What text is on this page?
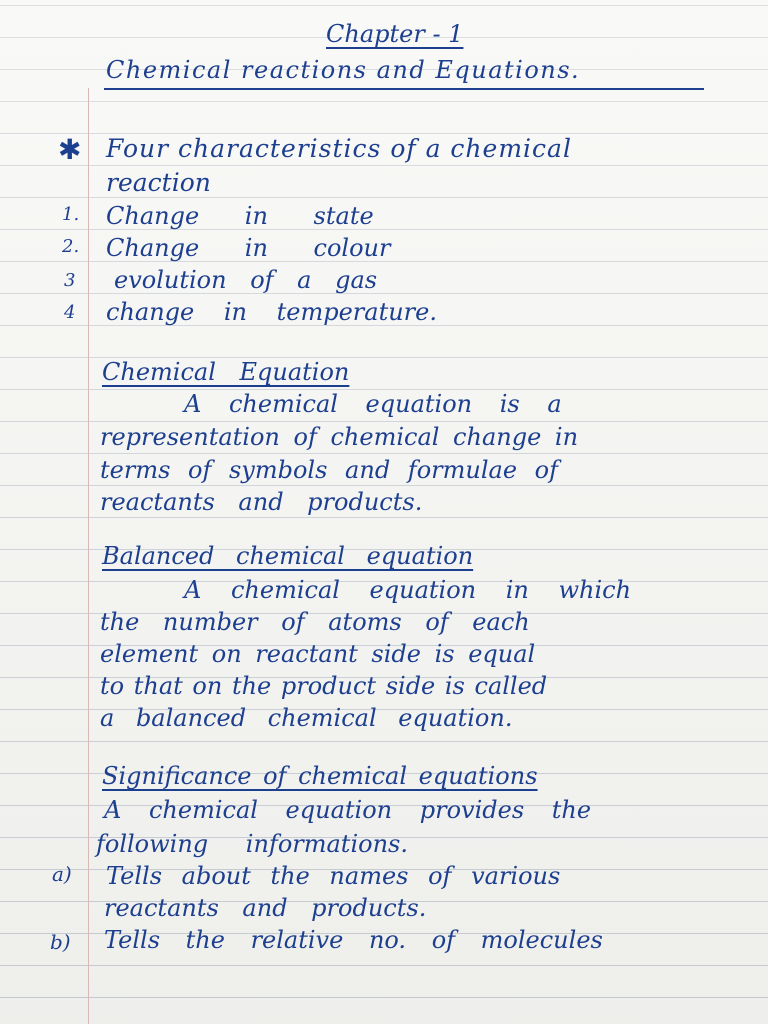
Chapter - 1
Chemical reactions and Equations.
✱ Four characteristics of a chemical
reaction
1. Change in state
2. Change in colour
3 evolution of a gas
4 change in temperature.
Chemical Equation
A chemical equation is a
representation of chemical change in
terms of symbols and formulae of
reactants and products.
Balanced chemical equation
A chemical equation in which
the number of atoms of each
element on reactant side is equal
to that on the product side is called
a balanced chemical equation.
Significance of chemical equations
A chemical equation provides the
following informations.
a) Tells about the names of various
reactants and products.
b) Tells the relative no. of molecules
